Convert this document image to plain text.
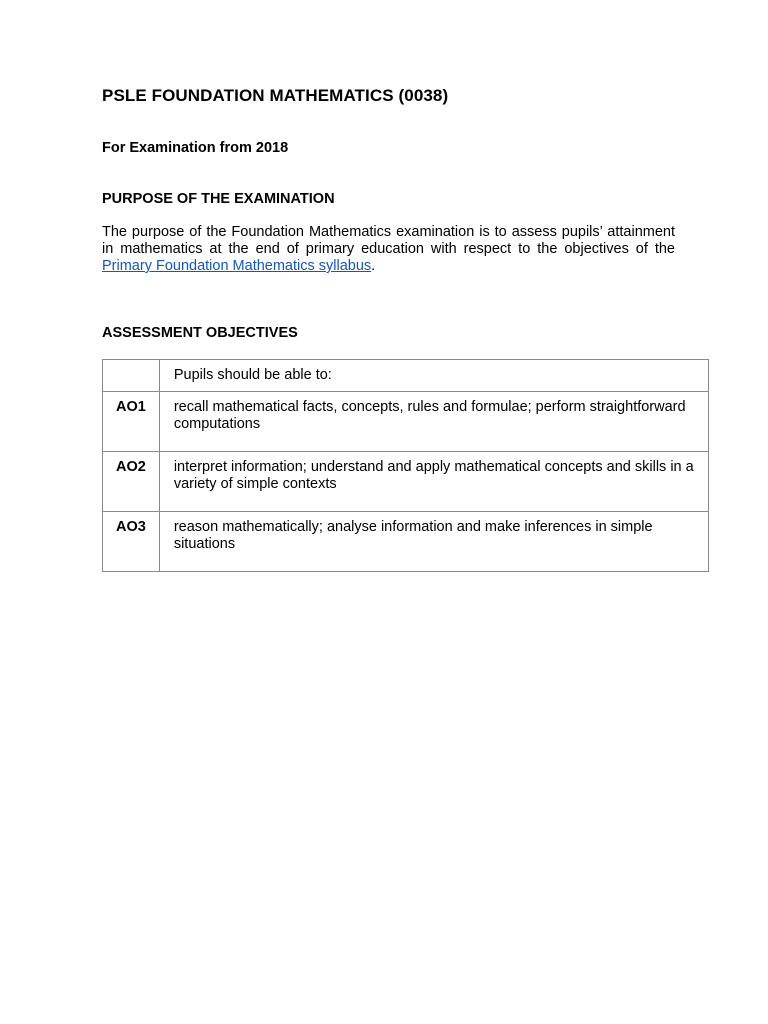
PSLE FOUNDATION MATHEMATICS (0038)

For Examination from 2018

PURPOSE OF THE EXAMINATION

The purpose of the Foundation Mathematics examination is to assess pupils’ attainment in mathematics at the end of primary education with respect to the objectives of the Primary Foundation Mathematics syllabus.

ASSESSMENT OBJECTIVES
	Pupils should be able to:
AO1	recall mathematical facts, concepts, rules and formulae; perform straightforward computations
AO2	interpret information; understand and apply mathematical concepts and skills in a variety of simple contexts
AO3	reason mathematically; analyse information and make inferences in simple situations
